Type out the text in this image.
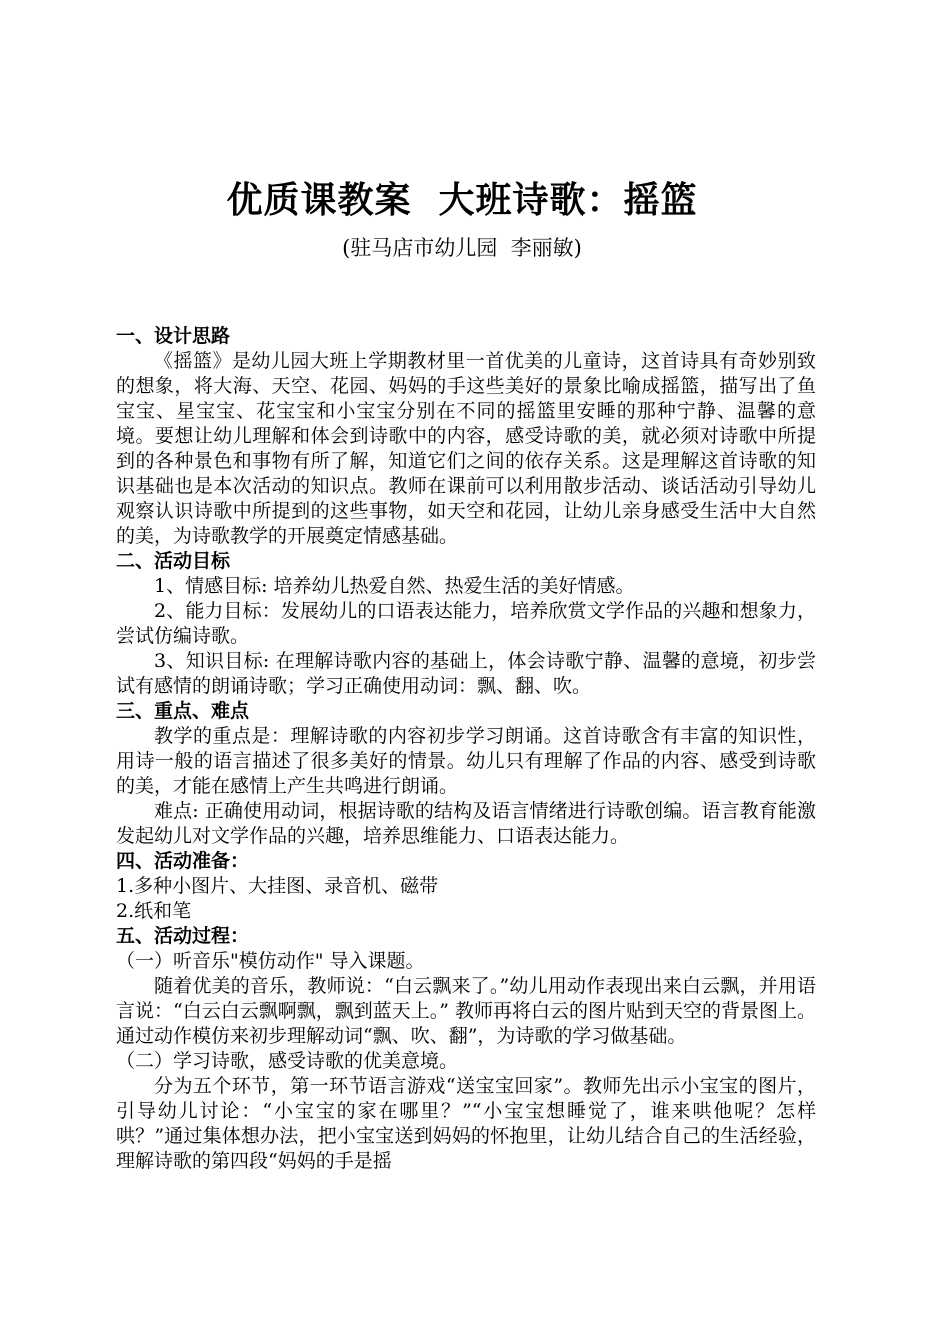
优质课教案  大班诗歌：摇篮
(驻马店市幼儿园  李丽敏)

一、设计思路

《摇篮》是幼儿园大班上学期教材里一首优美的儿童诗，这首诗具有奇妙别致的想象，将大海、天空、花园、妈妈的手这些美好的景象比喻成摇篮，描写出了鱼宝宝、星宝宝、花宝宝和小宝宝分别在不同的摇篮里安睡的那种宁静、温馨的意境。要想让幼儿理解和体会到诗歌中的内容，感受诗歌的美，就必须对诗歌中所提到的各种景色和事物有所了解，知道它们之间的依存关系。这是理解这首诗歌的知识基础也是本次活动的知识点。教师在课前可以利用散步活动、谈话活动引导幼儿观察认识诗歌中所提到的这些事物，如天空和花园，让幼儿亲身感受生活中大自然的美，为诗歌教学的开展奠定情感基础。

二、活动目标

1、情感目标: 培养幼儿热爱自然、热爱生活的美好情感。

2、能力目标：发展幼儿的口语表达能力，培养欣赏文学作品的兴趣和想象力，尝试仿编诗歌。

3、知识目标: 在理解诗歌内容的基础上，体会诗歌宁静、温馨的意境，初步尝试有感情的朗诵诗歌；学习正确使用动词：飘、翻、吹。

三、重点、难点

教学的重点是：理解诗歌的内容初步学习朗诵。这首诗歌含有丰富的知识性，用诗一般的语言描述了很多美好的情景。幼儿只有理解了作品的内容、感受到诗歌的美，才能在感情上产生共鸣进行朗诵。

难点: 正确使用动词，根据诗歌的结构及语言情绪进行诗歌创编。语言教育能激发起幼儿对文学作品的兴趣，培养思维能力、口语表达能力。

四、活动准备：

1.多种小图片、大挂图、录音机、磁带

2.纸和笔

五、活动过程：

（一）听音乐"模仿动作" 导入课题。

随着优美的音乐，教师说：“白云飘来了。”幼儿用动作表现出来白云飘，并用语言说：“白云白云飘啊飘，飘到蓝天上。” 教师再将白云的图片贴到天空的背景图上。通过动作模仿来初步理解动词“飘、吹、翻”，为诗歌的学习做基础。

（二）学习诗歌，感受诗歌的优美意境。

分为五个环节，第一环节语言游戏“送宝宝回家”。教师先出示小宝宝的图片，引导幼儿讨论：“小宝宝的家在哪里？”“小宝宝想睡觉了，谁来哄他呢？怎样哄？”通过集体想办法，把小宝宝送到妈妈的怀抱里，让幼儿结合自己的生活经验，理解诗歌的第四段“妈妈的手是摇
